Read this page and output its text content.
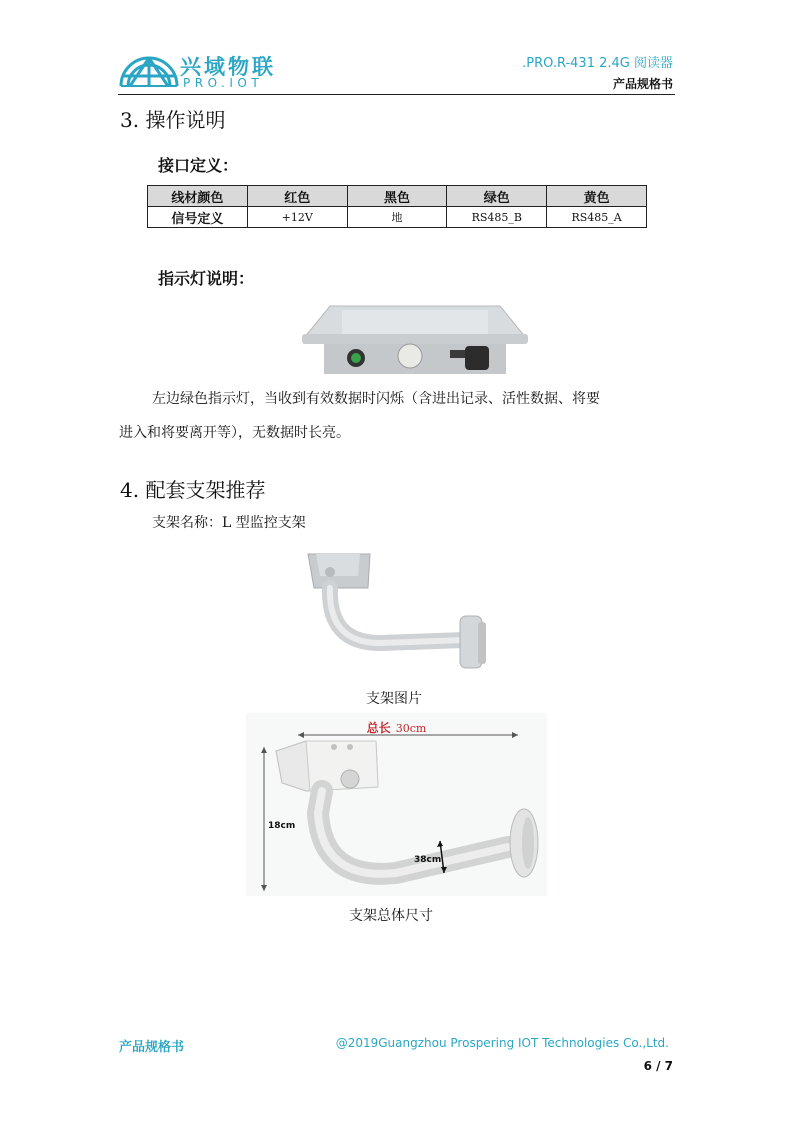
兴域物联
PRO.IOT
.PRO.R-431 2.4G 阅读器
产品规格书
3. 操作说明
接口定义：
线材颜色	红色	黑色	绿色	黄色
信号定义	+12V	地	RS485_B	RS485_A
指示灯说明：
左边绿色指示灯，当收到有效数据时闪烁（含进出记录、活性数据、将要
进入和将要离开等），无数据时长亮。
4. 配套支架推荐
支架名称：L 型监控支架
支架图片
总长 30cm
18cm
38cm
支架总体尺寸
产品规格书	@2019Guangzhou Prospering IOT Technologies Co.,Ltd.
6 / 7
